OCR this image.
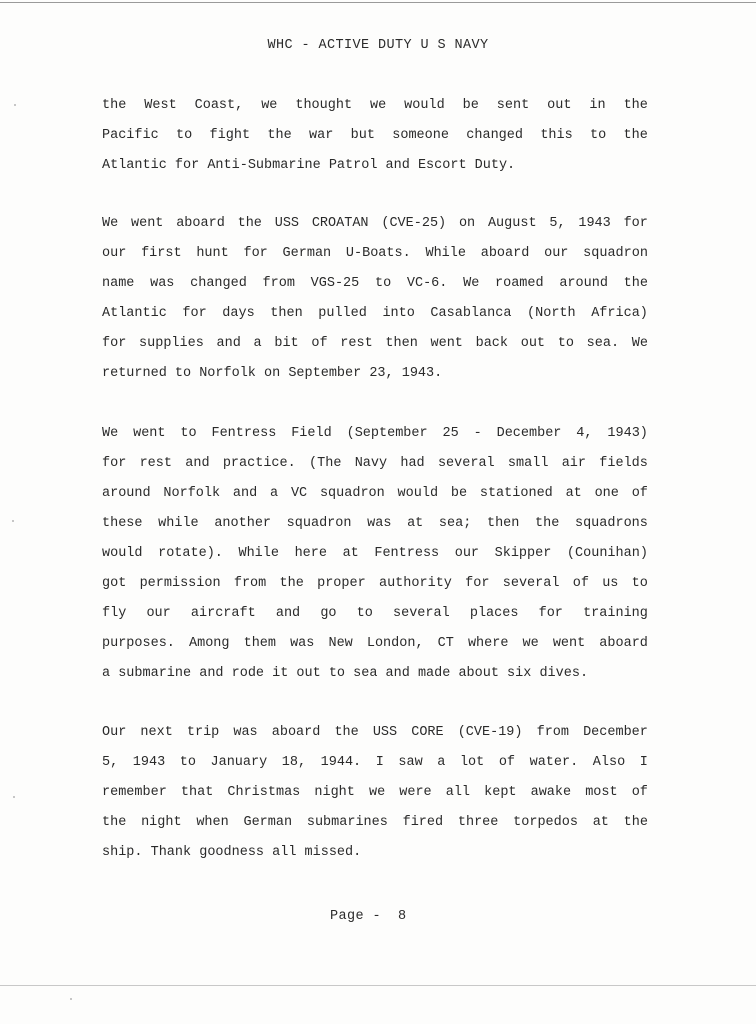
WHC - ACTIVE DUTY U S NAVY
the West Coast, we thought we would be sent out in the
Pacific to fight the war but someone changed this to the
Atlantic for Anti-Submarine Patrol and Escort Duty.
We went aboard the USS CROATAN (CVE-25) on August 5, 1943 for
our first hunt for German U-Boats. While aboard our squadron
name was changed from VGS-25 to VC-6. We roamed around the
Atlantic for days then pulled into Casablanca (North Africa)
for supplies and a bit of rest then went back out to sea. We
returned to Norfolk on September 23, 1943.
We went to Fentress Field (September 25 - December 4, 1943)
for rest and practice. (The Navy had several small air fields
around Norfolk and a VC squadron would be stationed at one of
these while another squadron was at sea; then the squadrons
would rotate). While here at Fentress our Skipper (Counihan)
got permission from the proper authority for several of us to
fly our aircraft and go to several places for training
purposes. Among them was New London, CT where we went aboard
a submarine and rode it out to sea and made about six dives.
Our next trip was aboard the USS CORE (CVE-19) from December
5, 1943 to January 18, 1944. I saw a lot of water. Also I
remember that Christmas night we were all kept awake most of
the night when German submarines fired three torpedos at the
ship. Thank goodness all missed.
Page -  8
